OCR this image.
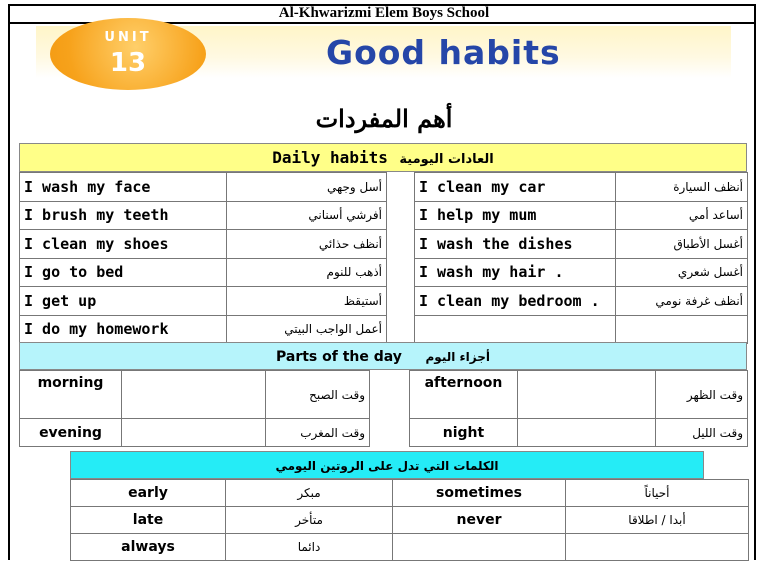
Al-Khwarizmi Elem Boys School
UNIT
13	Good habits
أهم المفردات
Daily habits العادات اليومية
I wash my face	أسل وجهي		I clean my car	أنظف السيارة
I brush my teeth	أفرشي أسناني		I help my mum	أساعد أمي
I clean my shoes	أنظف حذائي		I wash the dishes	أغسل الأطباق
I go to bed	أذهب للنوم		I wash my hair .	أغسل شعري
I get up	أستيقظ		I clean my bedroom .	أنظف غرفة نومي
I do my homework	أعمل الواجب البيتي			
Parts of the day أجزاء اليوم
morning		وقت الصبح		afternoon		وقت الظهر
evening		وقت المغرب		night		وقت الليل
الكلمات التي تدل على الروتين اليومي
early	مبكر	sometimes	أحياناً
late	متأخر	never	أبدا / اطلاقا
always	دائما		
